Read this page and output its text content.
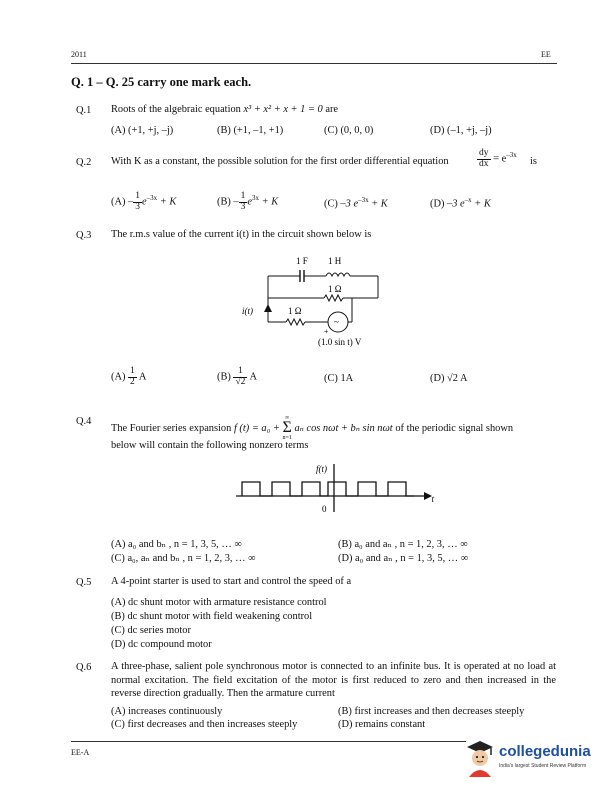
2011	EE
Q. 1 – Q. 25 carry one mark each.
Q.1 Roots of the algebraic equation x³ + x² + x + 1 = 0 are
(A) (+1, +j, –j)	(B) (+1, –1, +1)	(C) (0, 0, 0)	(D) (–1, +j, –j)
Q.2 With K as a constant, the possible solution for the first order differential equation	$\frac{dy}{dx} = e^{-3x}$
is
$(A) - \frac{1}{3} e^{-3x} + K$	$(B) - \frac{1}{3} e^{3x} + K$	(C) –3 $e^{-3x} + K$	(D) –3 $e^{-x} + K$
Q.3 The r.m.s value of the current i(t) in the circuit shown below is
1 F 1 H
1 Ω
1 Ω
i(t)
+
~
(1.0 sin t) V
$(A) \frac{1}{2}$ A	$(B) \frac{1}{√2}$ A	(C) 1A	(D) √2 A
Q.4
The Fourier series expansion f (t) = a₀ +
∞
Σ
n=1
aₙ cos nωt + bₙ sin nωt of the periodic signal shown
below will contain the following nonzero terms
f(t)
t
0
(A) a₀ and bₙ , n = 1, 3, 5, … ∞	(B) a₀ and aₙ , n = 1, 2, 3, … ∞
(C) a₀, aₙ and bₙ , n = 1, 2, 3, … ∞	(D) a₀ and aₙ , n = 1, 3, 5, … ∞
Q.5 A 4-point starter is used to start and control the speed of a
(A) dc shunt motor with armature resistance control
(B) dc shunt motor with field weakening control
(C) dc series motor
(D) dc compound motor
Q.6 A three-phase, salient pole synchronous motor is connected to an infinite bus. It is operated at no load at normal excitation. The field excitation of the motor is first reduced to zero and then increased in the reverse direction gradually. Then the armature current
(A) increases continuously	(B) first increases and then decreases steeply
(C) first decreases and then increases steeply	(D) remains constant
EE-A	collegedunia
India's largest Student Review Platform
